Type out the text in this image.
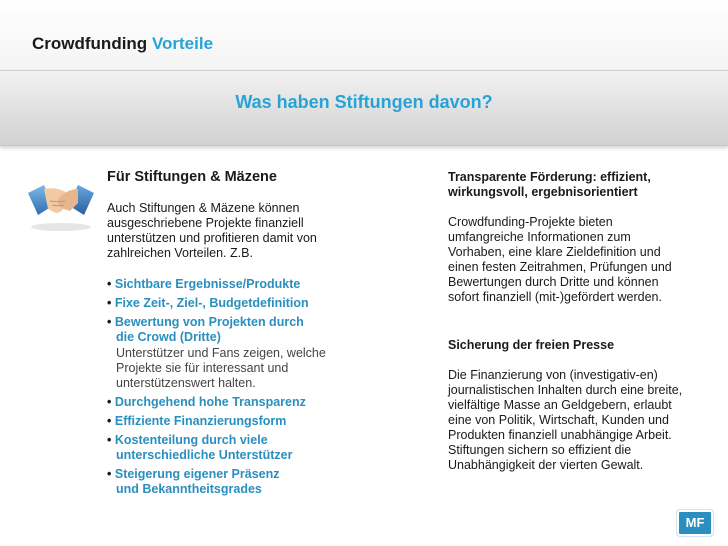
Crowdfunding Vorteile
Was haben Stiftungen davon?
Für Stiftungen & Mäzene
Auch Stiftungen & Mäzene können ausgeschriebene Projekte finanziell unterstützen und profitieren damit von zahlreichen Vorteilen. Z.B.
• Sichtbare Ergebnisse/Produkte
• Fixe Zeit-, Ziel-, Budgetdefinition
• Bewertung von Projekten durch
die Crowd (Dritte)
Unterstützer und Fans zeigen, welche Projekte sie für interessant und unterstützenswert halten.
• Durchgehend hohe Transparenz
• Effiziente Finanzierungsform
• Kostenteilung durch viele
unterschiedliche Unterstützer
• Steigerung eigener Präsenz
und Bekanntheitsgrades
Transparente Förderung: effizient, wirkungsvoll, ergebnisorientiert
Crowdfunding-Projekte bieten umfangreiche Informationen zum Vorhaben, eine klare Zieldefinition und einen festen Zeitrahmen, Prüfungen und Bewertungen durch Dritte und können sofort finanziell (mit-)gefördert werden.
Sicherung der freien Presse
Die Finanzierung von (investigativ-en) journalistischen Inhalten durch eine breite, vielfältige Masse an Geldgebern, erlaubt eine von Politik, Wirtschaft, Kunden und Produkten finanziell unabhängige Arbeit. Stiftungen sichern so effizient die Unabhängigkeit der vierten Gewalt.
MF
